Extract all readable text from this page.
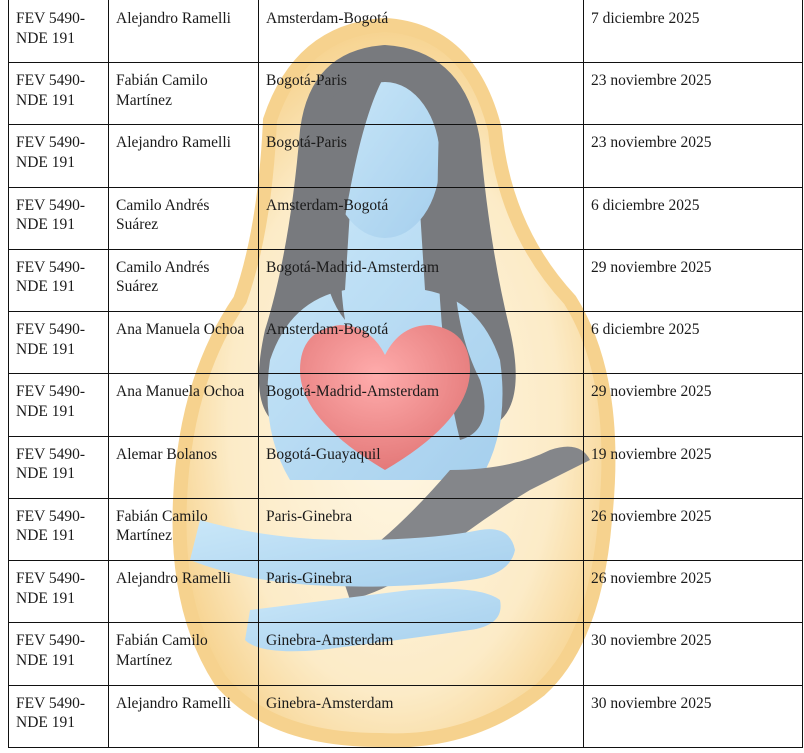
FEV 5490-NDE 191	Alejandro Ramelli	Amsterdam-Bogotá	7 diciembre 2025
FEV 5490-NDE 191	Fabián Camilo Martínez	Bogotá-Paris	23 noviembre 2025
FEV 5490-NDE 191	Alejandro Ramelli	Bogotá-Paris	23 noviembre 2025
FEV 5490-NDE 191	Camilo Andrés Suárez	Amsterdam-Bogotá	6 diciembre 2025
FEV 5490-NDE 191	Camilo Andrés Suárez	Bogotá-Madrid-Amsterdam	29 noviembre 2025
FEV 5490-NDE 191	Ana Manuela Ochoa	Amsterdam-Bogotá	6 diciembre 2025
FEV 5490-NDE 191	Ana Manuela Ochoa	Bogotá-Madrid-Amsterdam	29 noviembre 2025
FEV 5490-NDE 191	Alemar Bolanos	Bogotá-Guayaquil	19 noviembre 2025
FEV 5490-NDE 191	Fabián Camilo Martínez	Paris-Ginebra	26 noviembre 2025
FEV 5490-NDE 191	Alejandro Ramelli	Paris-Ginebra	26 noviembre 2025
FEV 5490-NDE 191	Fabián Camilo Martínez	Ginebra-Amsterdam	30 noviembre 2025
FEV 5490-NDE 191	Alejandro Ramelli	Ginebra-Amsterdam	30 noviembre 2025
